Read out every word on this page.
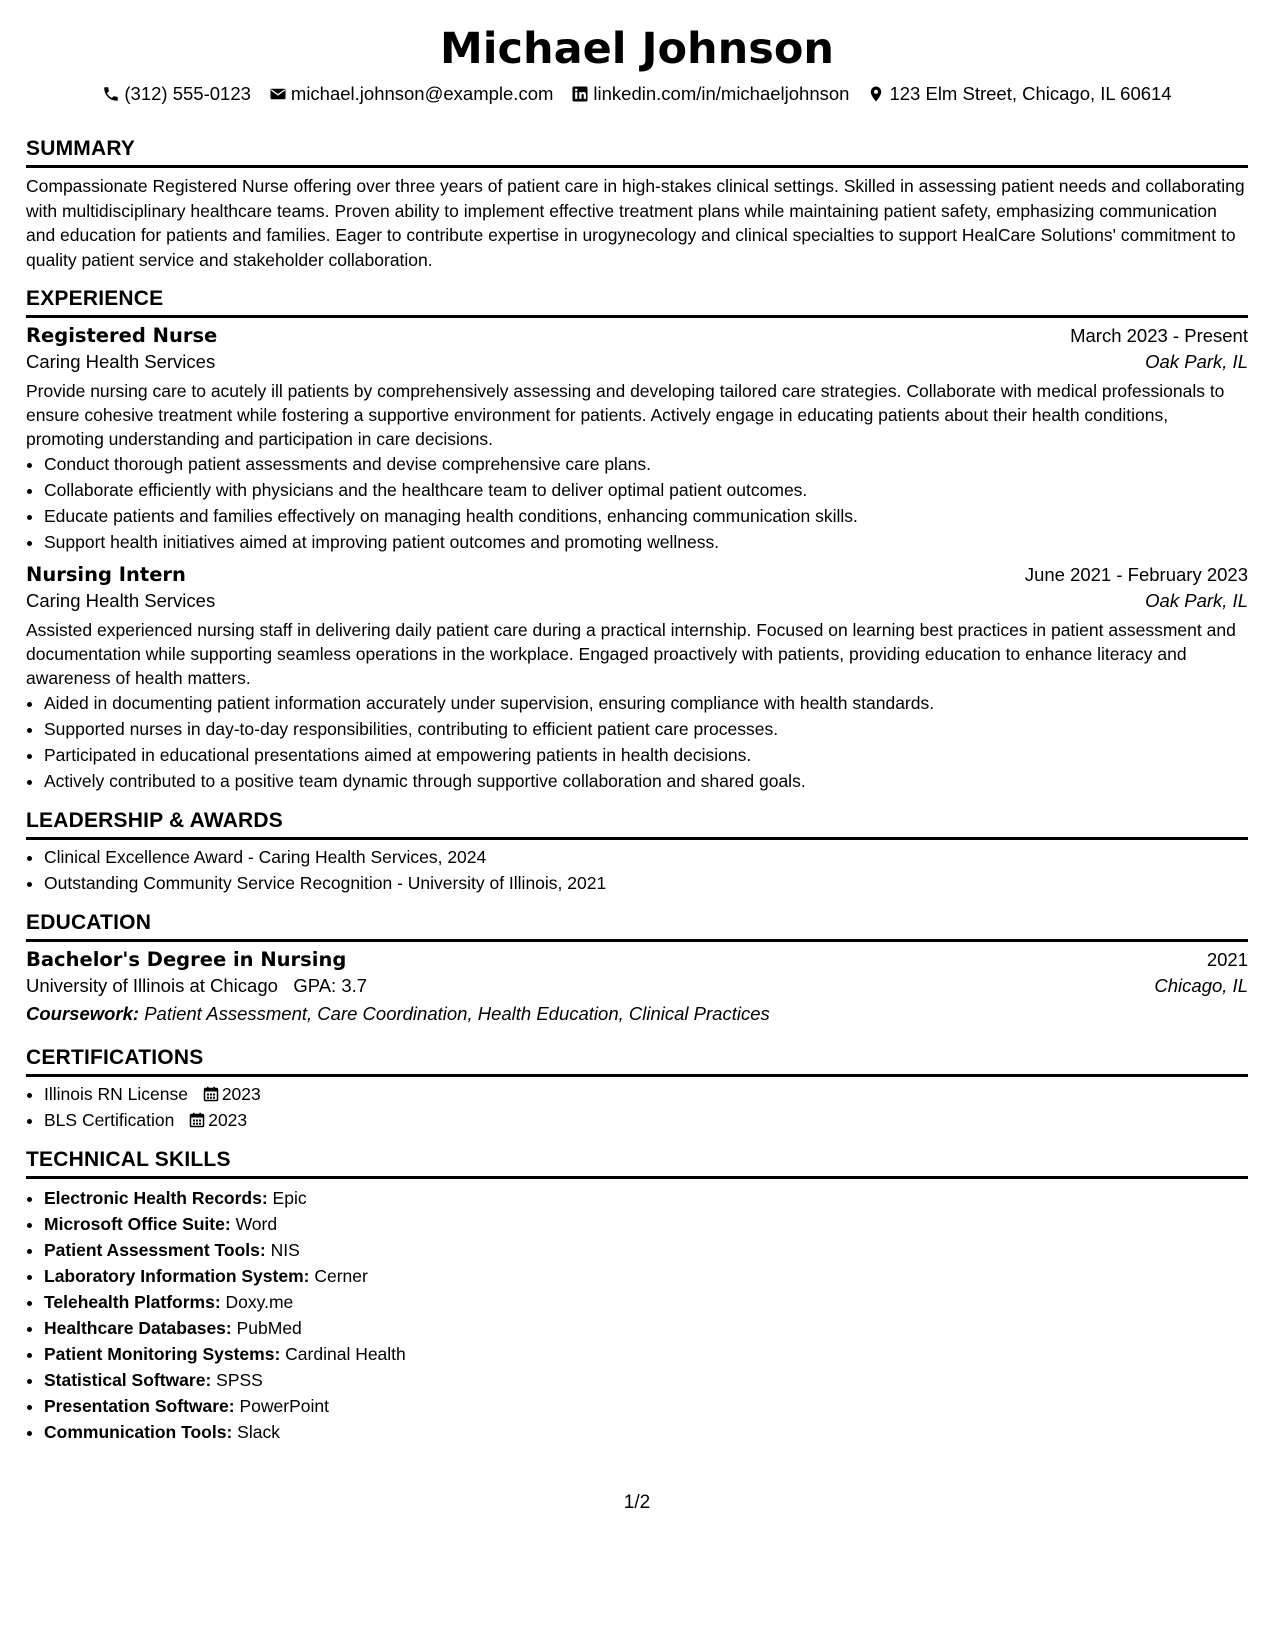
Michael Johnson
(312) 555-0123 michael.johnson@example.com linkedin.com/in/michaeljohnson 123 Elm Street, Chicago, IL 60614
SUMMARY
Compassionate Registered Nurse offering over three years of patient care in high-stakes clinical settings. Skilled in assessing patient needs and collaborating with multidisciplinary healthcare teams. Proven ability to implement effective treatment plans while maintaining patient safety, emphasizing communication and education for patients and families. Eager to contribute expertise in urogynecology and clinical specialties to support HealCare Solutions' commitment to quality patient service and stakeholder collaboration.
EXPERIENCE
Registered Nurse	March 2023 - Present
Caring Health Services	Oak Park, IL
Provide nursing care to acutely ill patients by comprehensively assessing and developing tailored care strategies. Collaborate with medical professionals to ensure cohesive treatment while fostering a supportive environment for patients. Actively engage in educating patients about their health conditions, promoting understanding and participation in care decisions.
• Conduct thorough patient assessments and devise comprehensive care plans.
• Collaborate efficiently with physicians and the healthcare team to deliver optimal patient outcomes.
• Educate patients and families effectively on managing health conditions, enhancing communication skills.
• Support health initiatives aimed at improving patient outcomes and promoting wellness.
Nursing Intern	June 2021 - February 2023
Caring Health Services	Oak Park, IL
Assisted experienced nursing staff in delivering daily patient care during a practical internship. Focused on learning best practices in patient assessment and documentation while supporting seamless operations in the workplace. Engaged proactively with patients, providing education to enhance literacy and awareness of health matters.
• Aided in documenting patient information accurately under supervision, ensuring compliance with health standards.
• Supported nurses in day-to-day responsibilities, contributing to efficient patient care processes.
• Participated in educational presentations aimed at empowering patients in health decisions.
• Actively contributed to a positive team dynamic through supportive collaboration and shared goals.
LEADERSHIP & AWARDS
• Clinical Excellence Award - Caring Health Services, 2024
• Outstanding Community Service Recognition - University of Illinois, 2021
EDUCATION
Bachelor's Degree in Nursing	2021
University of Illinois at Chicago GPA: 3.7	Chicago, IL
Coursework: Patient Assessment, Care Coordination, Health Education, Clinical Practices
CERTIFICATIONS
• Illinois RN License 2023
• BLS Certification 2023
TECHNICAL SKILLS
• Electronic Health Records: Epic
• Microsoft Office Suite: Word
• Patient Assessment Tools: NIS
• Laboratory Information System: Cerner
• Telehealth Platforms: Doxy.me
• Healthcare Databases: PubMed
• Patient Monitoring Systems: Cardinal Health
• Statistical Software: SPSS
• Presentation Software: PowerPoint
• Communication Tools: Slack
1/2
